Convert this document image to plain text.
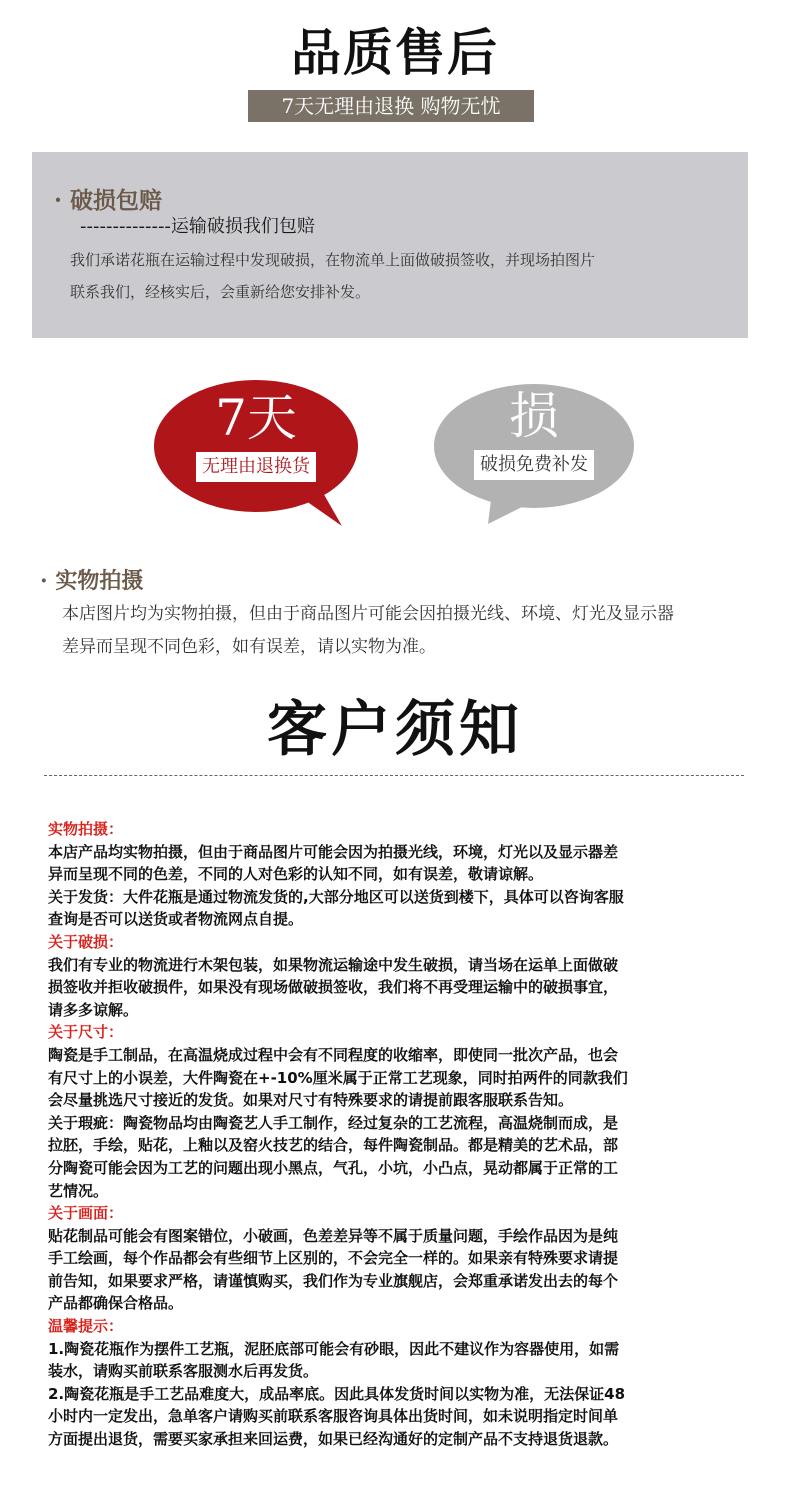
品质售后
7天无理由退换 购物无忧
· 破损包赔
--------------运输破损我们包赔
我们承诺花瓶在运输过程中发现破损，在物流单上面做破损签收，并现场拍图片
联系我们，经核实后，会重新给您安排补发。
7天
无理由退换货
损
破损免费补发
· 实物拍摄
本店图片均为实物拍摄，但由于商品图片可能会因拍摄光线、环境、灯光及显示器
差异而呈现不同色彩，如有误差，请以实物为准。
客户须知

实物拍摄：

本店产品均实物拍摄，但由于商品图片可能会因为拍摄光线，环境，灯光以及显示器差

异而呈现不同的色差，不同的人对色彩的认知不同，如有误差，敬请谅解。

关于发货：大件花瓶是通过物流发货的,大部分地区可以送货到楼下，具体可以咨询客服

查询是否可以送货或者物流网点自提。

关于破损：

我们有专业的物流进行木架包装，如果物流运输途中发生破损，请当场在运单上面做破

损签收并拒收破损件，如果没有现场做破损签收，我们将不再受理运输中的破损事宜，

请多多谅解。

关于尺寸：

陶瓷是手工制品，在高温烧成过程中会有不同程度的收缩率，即使同一批次产品，也会

有尺寸上的小误差，大件陶瓷在+-10%厘米属于正常工艺现象，同时拍两件的同款我们

会尽量挑选尺寸接近的发货。如果对尺寸有特殊要求的请提前跟客服联系告知。

关于瑕疵：陶瓷物品均由陶瓷艺人手工制作，经过复杂的工艺流程，高温烧制而成，是

拉胚，手绘，贴花，上釉以及窑火技艺的结合，每件陶瓷制品。都是精美的艺术品，部

分陶瓷可能会因为工艺的问题出现小黑点，气孔，小坑，小凸点，晃动都属于正常的工

艺情况。

关于画面：

贴花制品可能会有图案错位，小破画，色差差异等不属于质量问题，手绘作品因为是纯

手工绘画，每个作品都会有些细节上区别的，不会完全一样的。如果亲有特殊要求请提

前告知，如果要求严格，请谨慎购买，我们作为专业旗舰店，会郑重承诺发出去的每个

产品都确保合格品。

温馨提示：

1.陶瓷花瓶作为摆件工艺瓶，泥胚底部可能会有砂眼，因此不建议作为容器使用，如需

装水，请购买前联系客服测水后再发货。

2.陶瓷花瓶是手工艺品难度大，成品率底。因此具体发货时间以实物为准，无法保证48

小时内一定发出，急单客户请购买前联系客服咨询具体出货时间，如未说明指定时间单

方面提出退货，需要买家承担来回运费，如果已经沟通好的定制产品不支持退货退款。
